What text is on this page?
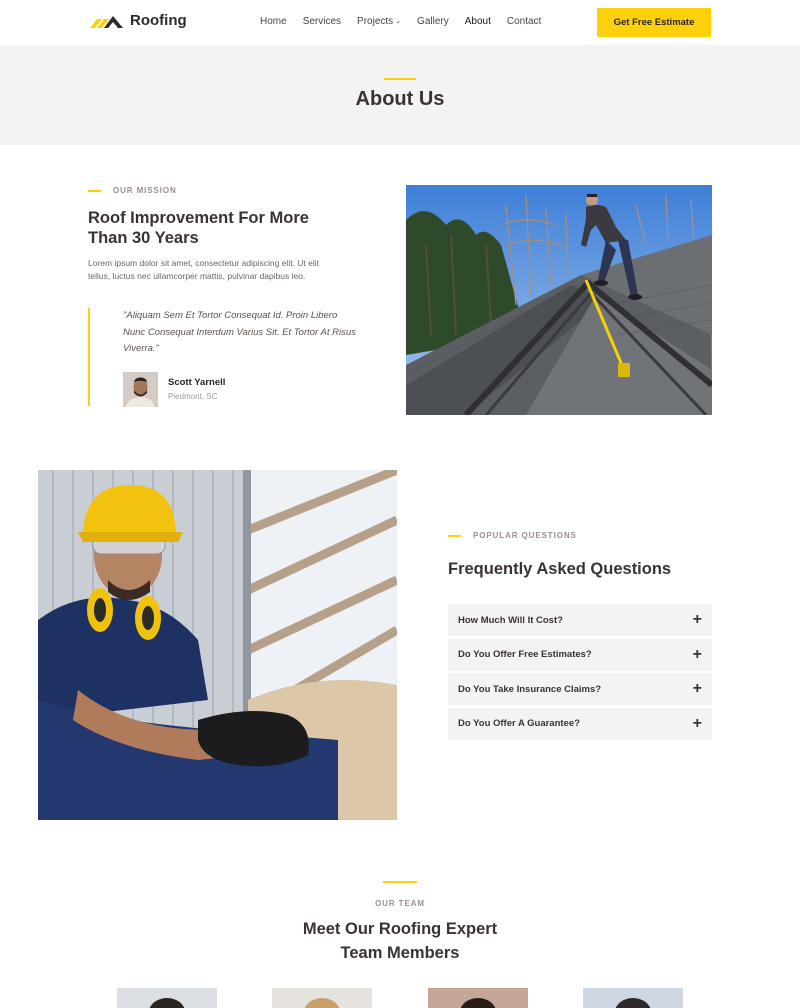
Roofing	Home Services Projects ⌄ Gallery About Contact	Get Free Estimate
About Us
OUR MISSION
Roof Improvement For More Than 30 Years

Lorem ipsum dolor sit amet, consectetur adipiscing elit. Ut elit tellus, luctus nec ullamcorper mattis, pulvinar dapibus leo.

"Aliquam Sem Et Tortor Consequat Id. Proin Libero Nunc Consequat Interdum Varius Sit. Et Tortor At Risus Viverra."

Scott Yarnell
Piedmont, SC
POPULAR QUESTIONS
Frequently Asked Questions
How Much Will It Cost?	+
Do You Offer Free Estimates?	+
Do You Take Insurance Claims?	+
Do You Offer A Guarantee?	+
OUR TEAM
Meet Our Roofing Expert Team Members
